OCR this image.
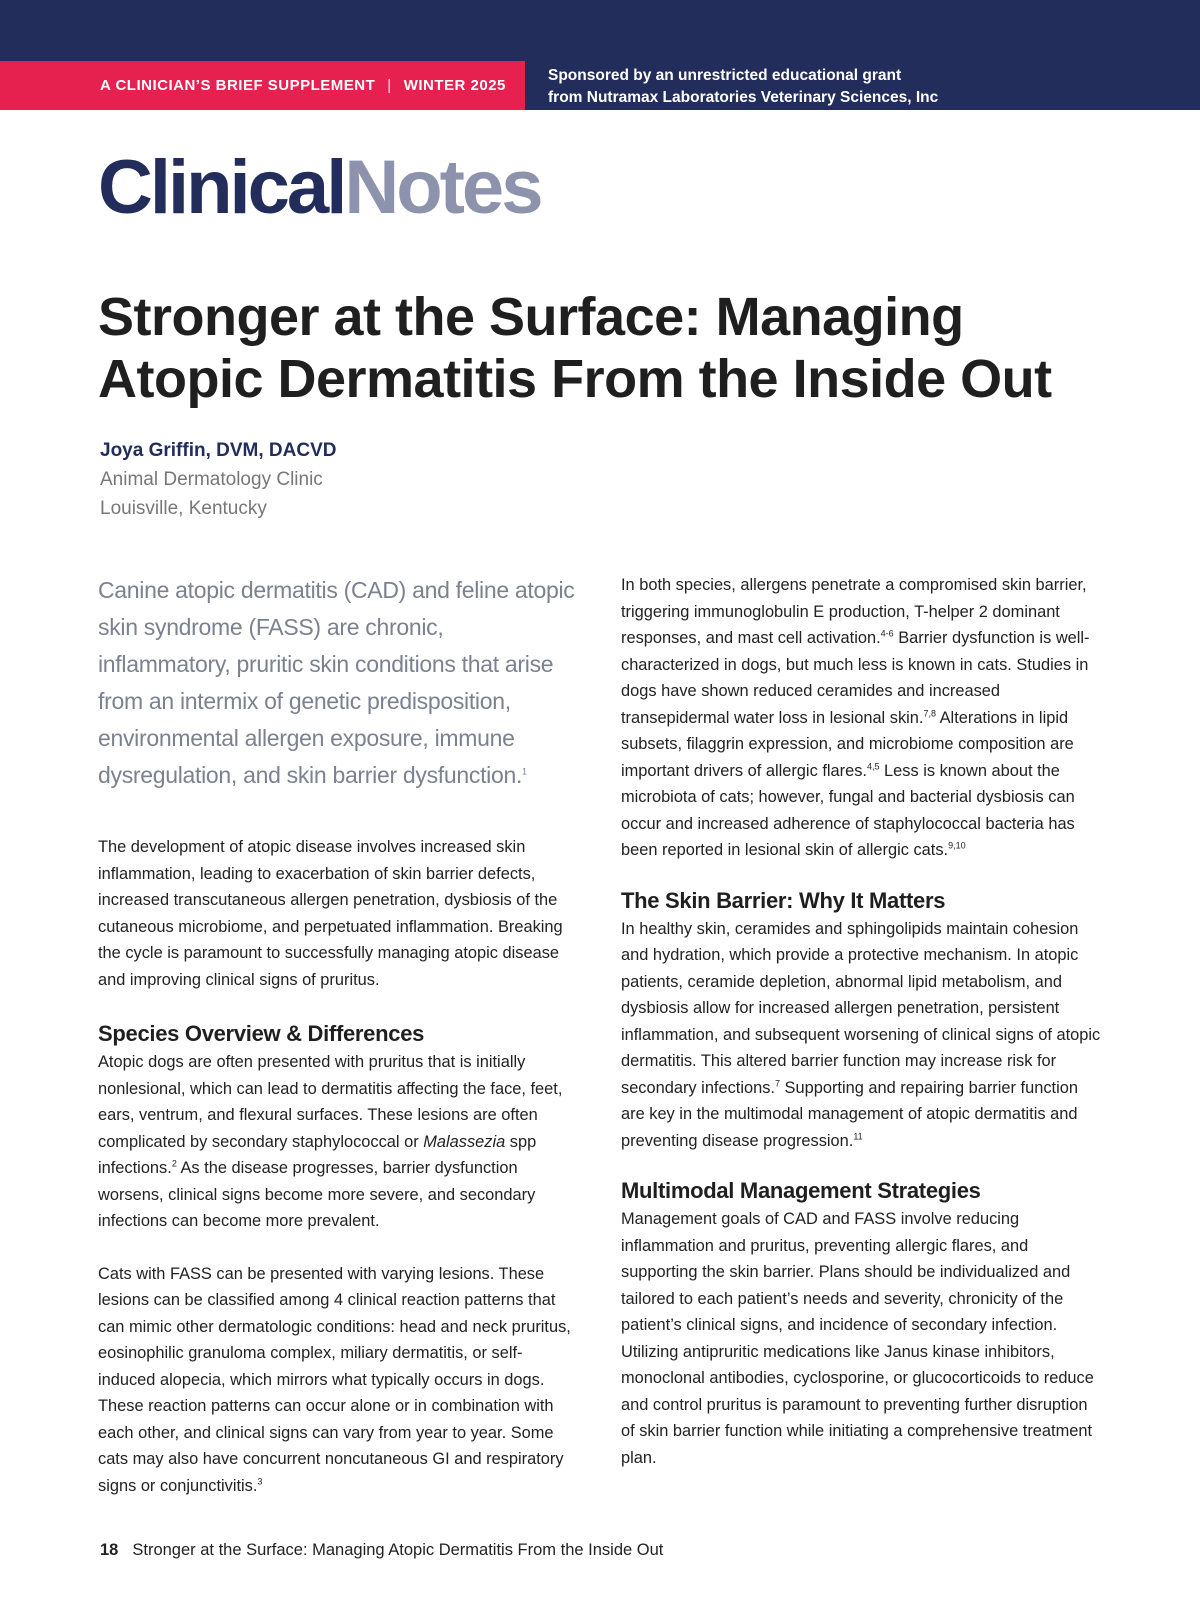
A CLINICIAN’S BRIEF SUPPLEMENT | WINTER 2025
Sponsored by an unrestricted educational grant
from Nutramax Laboratories Veterinary Sciences, Inc
ClinicalNotes
Stronger at the Surface: Managing Atopic Dermatitis From the Inside Out
Joya Griffin, DVM, DACVD
Animal Dermatology Clinic
Louisville, Kentucky

Canine atopic dermatitis (CAD) and feline atopic skin syndrome (FASS) are chronic, inflammatory, pruritic skin conditions that arise from an intermix of genetic predisposition, environmental allergen exposure, immune dysregulation, and skin barrier dysfunction.$^1$

The development of atopic disease involves increased skin inflammation, leading to exacerbation of skin barrier defects, increased transcutaneous allergen penetration, dysbiosis of the cutaneous microbiome, and perpetuated inflammation. Breaking the cycle is paramount to successfully managing atopic disease and improving clinical signs of pruritus.

Species Overview & Differences

Atopic dogs are often presented with pruritus that is initially nonlesional, which can lead to dermatitis affecting the face, feet, ears, ventrum, and flexural surfaces. These lesions are often complicated by secondary staphylococcal or Malassezia spp infections.$^2$ As the disease progresses, barrier dysfunction worsens, clinical signs become more severe, and secondary infections can become more prevalent.

Cats with FASS can be presented with varying lesions. These lesions can be classified among 4 clinical reaction patterns that can mimic other dermatologic conditions: head and neck pruritus, eosinophilic granuloma complex, miliary dermatitis, or self-induced alopecia, which mirrors what typically occurs in dogs. These reaction patterns can occur alone or in combination with each other, and clinical signs can vary from year to year. Some cats may also have concurrent noncutaneous GI and respiratory signs or conjunctivitis.$^3$

In both species, allergens penetrate a compromised skin barrier, triggering immunoglobulin E production, T-helper 2 dominant responses, and mast cell activation.$^{4-6}$ Barrier dysfunction is well-characterized in dogs, but much less is known in cats. Studies in dogs have shown reduced ceramides and increased transepidermal water loss in lesional skin.$^{7,8}$ Alterations in lipid subsets, filaggrin expression, and microbiome composition are important drivers of allergic flares.$^{4,5}$ Less is known about the microbiota of cats; however, fungal and bacterial dysbiosis can occur and increased adherence of staphylococcal bacteria has been reported in lesional skin of allergic cats.$^{9,10}$

The Skin Barrier: Why It Matters

In healthy skin, ceramides and sphingolipids maintain cohesion and hydration, which provide a protective mechanism. In atopic patients, ceramide depletion, abnormal lipid metabolism, and dysbiosis allow for increased allergen penetration, persistent inflammation, and subsequent worsening of clinical signs of atopic dermatitis. This altered barrier function may increase risk for secondary infections.$^7$ Supporting and repairing barrier function are key in the multimodal management of atopic dermatitis and preventing disease progression.$^{11}$

Multimodal Management Strategies

Management goals of CAD and FASS involve reducing inflammation and pruritus, preventing allergic flares, and supporting the skin barrier. Plans should be individualized and tailored to each patient’s needs and severity, chronicity of the patient’s clinical signs, and incidence of secondary infection. Utilizing antipruritic medications like Janus kinase inhibitors, monoclonal antibodies, cyclosporine, or glucocorticoids to reduce and control pruritus is paramount to preventing further disruption of skin barrier function while initiating a comprehensive treatment plan.

18 Stronger at the Surface: Managing Atopic Dermatitis From the Inside Out
